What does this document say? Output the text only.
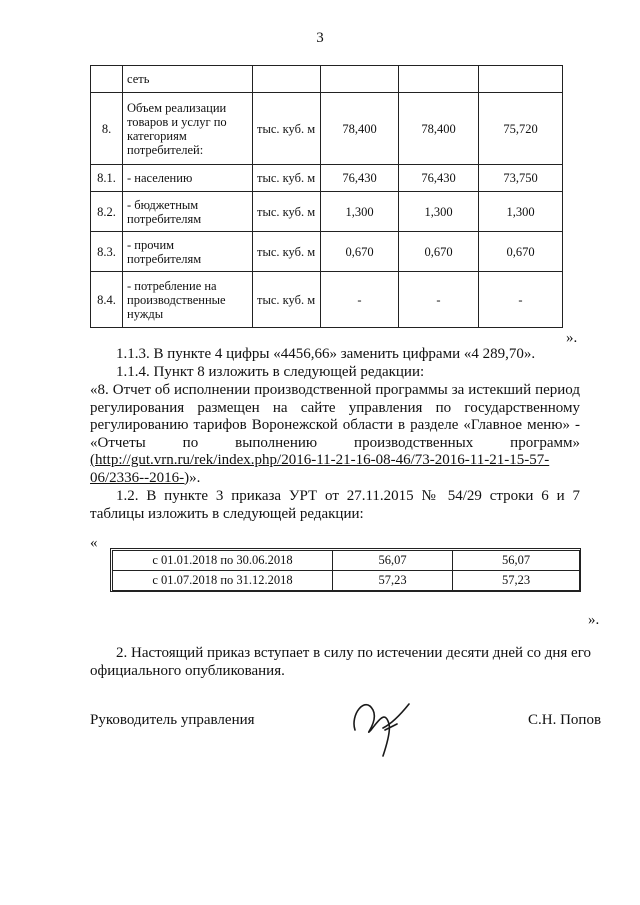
3
	сеть				
8.	Объем реализации товаров и услуг по категориям потребителей:	тыс. куб. м	78,400	78,400	75,720
8.1.	- населению	тыс. куб. м	76,430	76,430	73,750
8.2.	- бюджетным потребителям	тыс. куб. м	1,300	1,300	1,300
8.3.	- прочим потребителям	тыс. куб. м	0,670	0,670	0,670
8.4.	- потребление на производственные нужды	тыс. куб. м	-	-	-
».
1.1.3. В пункте 4 цифры «4456,66» заменить цифрами «4 289,70».
1.1.4. Пункт 8 изложить в следующей редакции:
«8. Отчет об исполнении производственной программы за истекший период регулирования размещен на сайте управления по государственному регулированию тарифов Воронежской области в разделе «Главное меню» - «Отчеты по выполнению производственных программ» (http://gut.vrn.ru/rek/index.php/2016-11-21-16-08-46/73-2016-11-21-15-57-06/2336--2016-)».
1.2. В пункте 3 приказа УРТ от 27.11.2015 № 54/29 строки 6 и 7 таблицы изложить в следующей редакции:
«
с 01.01.2018 по 30.06.2018	56,07	56,07
с 01.07.2018 по 31.12.2018	57,23	57,23
».
2. Настоящий приказ вступает в силу по истечении десяти дней со дня его официального опубликования.
Руководитель управления	С.Н. Попов
